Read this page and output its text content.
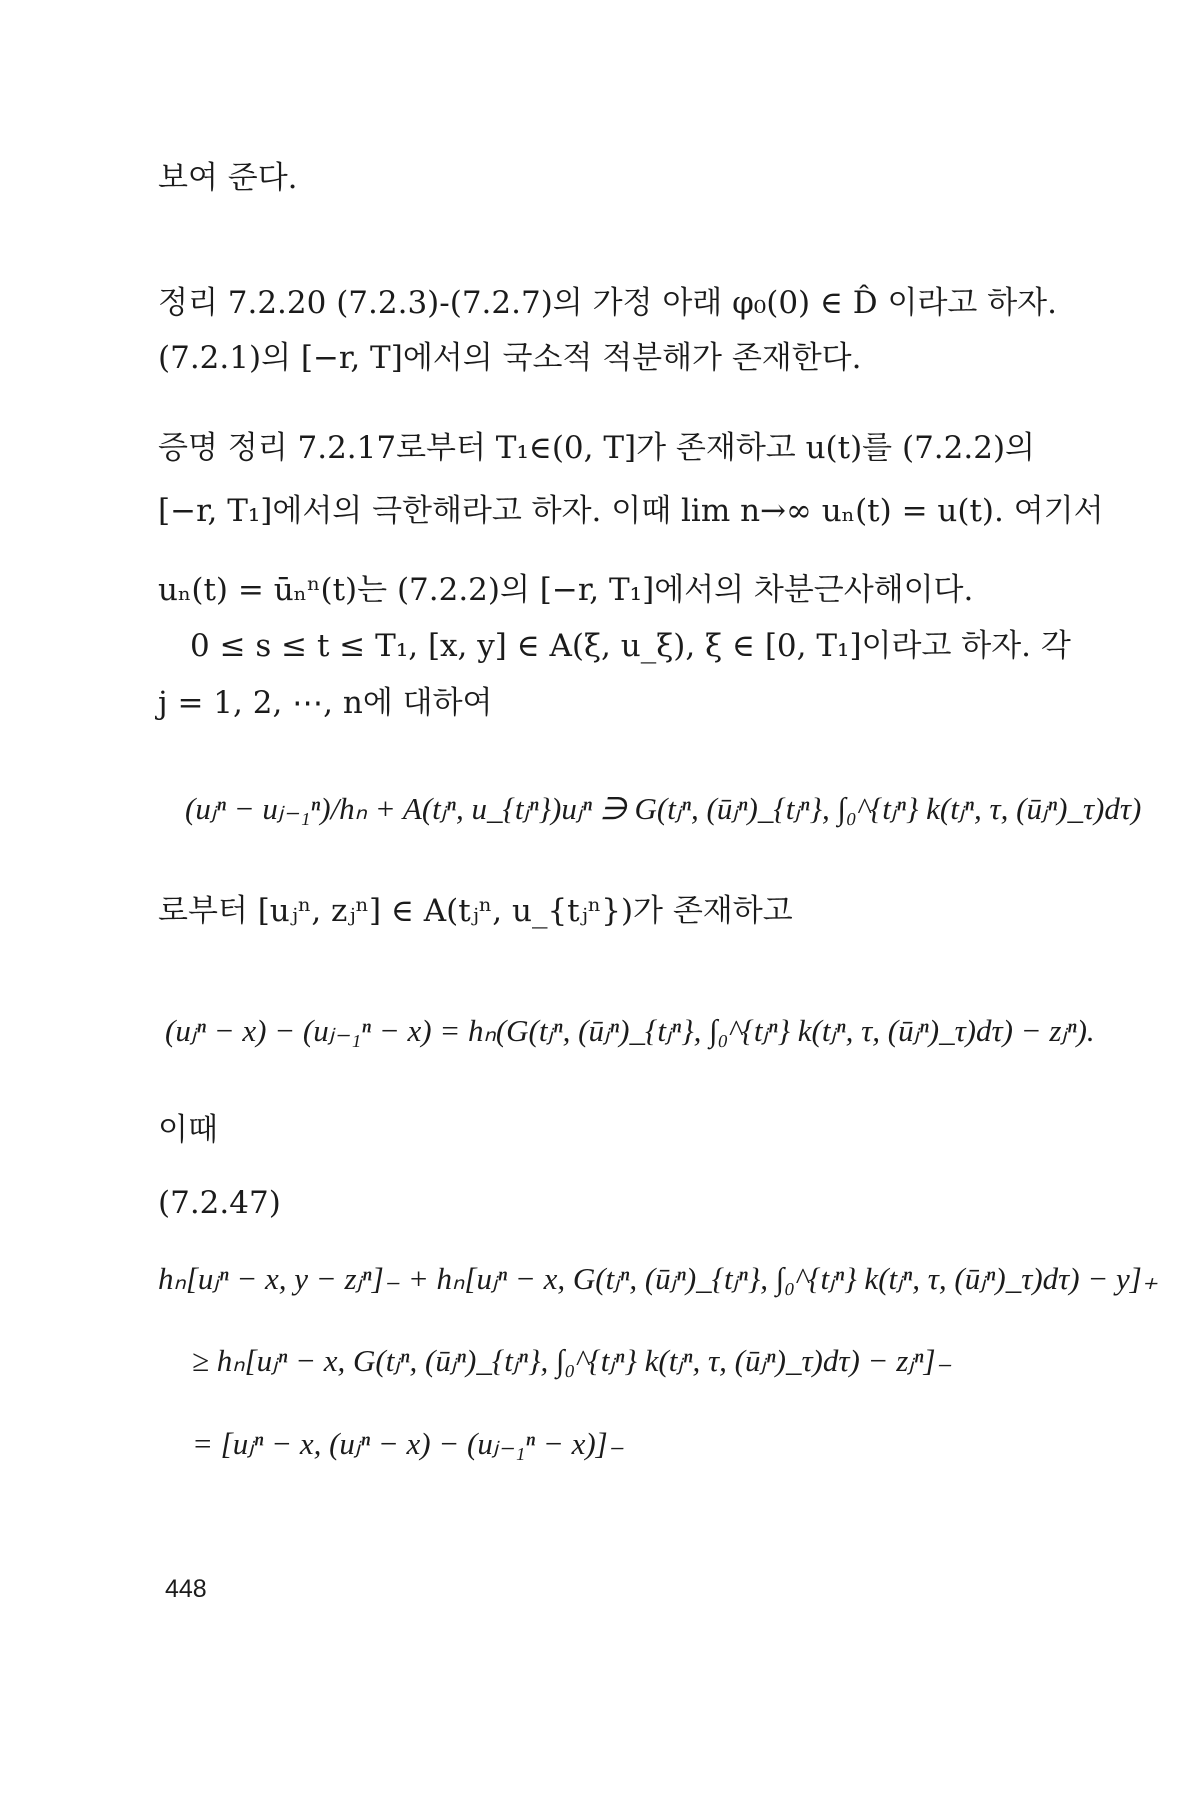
보여 준다.
정리 7.2.20 (7.2.3)-(7.2.7)의 가정 아래 φ₀(0) ∈ D̂ 이라고 하자.
(7.2.1)의 [−r, T]에서의 국소적 적분해가 존재한다.
증명 정리 7.2.17로부터 T₁∈(0, T]가 존재하고 u(t)를 (7.2.2)의
[−r, T₁]에서의 극한해라고 하자. 이때 lim n→∞ uₙ(t) = u(t). 여기서
uₙ(t) = ūₙⁿ(t)는 (7.2.2)의 [−r, T₁]에서의 차분근사해이다.
0 ≤ s ≤ t ≤ T₁, [x, y] ∈ A(ξ, u_ξ), ξ ∈ [0, T₁]이라고 하자. 각
j = 1, 2, ⋯, n에 대하여
(uⱼⁿ − uⱼ₋₁ⁿ)/hₙ + A(tⱼⁿ, u_{tⱼⁿ})uⱼⁿ ∋ G(tⱼⁿ, (ūⱼⁿ)_{tⱼⁿ}, ∫₀^{tⱼⁿ} k(tⱼⁿ, τ, (ūⱼⁿ)_τ)dτ)
로부터 [uⱼⁿ, zⱼⁿ] ∈ A(tⱼⁿ, u_{tⱼⁿ})가 존재하고
(uⱼⁿ − x) − (uⱼ₋₁ⁿ − x) = hₙ(G(tⱼⁿ, (ūⱼⁿ)_{tⱼⁿ}, ∫₀^{tⱼⁿ} k(tⱼⁿ, τ, (ūⱼⁿ)_τ)dτ) − zⱼⁿ).
이때
(7.2.47)
hₙ[uⱼⁿ − x, y − zⱼⁿ]₋ + hₙ[uⱼⁿ − x, G(tⱼⁿ, (ūⱼⁿ)_{tⱼⁿ}, ∫₀^{tⱼⁿ} k(tⱼⁿ, τ, (ūⱼⁿ)_τ)dτ) − y]₊
≥ hₙ[uⱼⁿ − x, G(tⱼⁿ, (ūⱼⁿ)_{tⱼⁿ}, ∫₀^{tⱼⁿ} k(tⱼⁿ, τ, (ūⱼⁿ)_τ)dτ) − zⱼⁿ]₋
= [uⱼⁿ − x, (uⱼⁿ − x) − (uⱼ₋₁ⁿ − x)]₋
448
